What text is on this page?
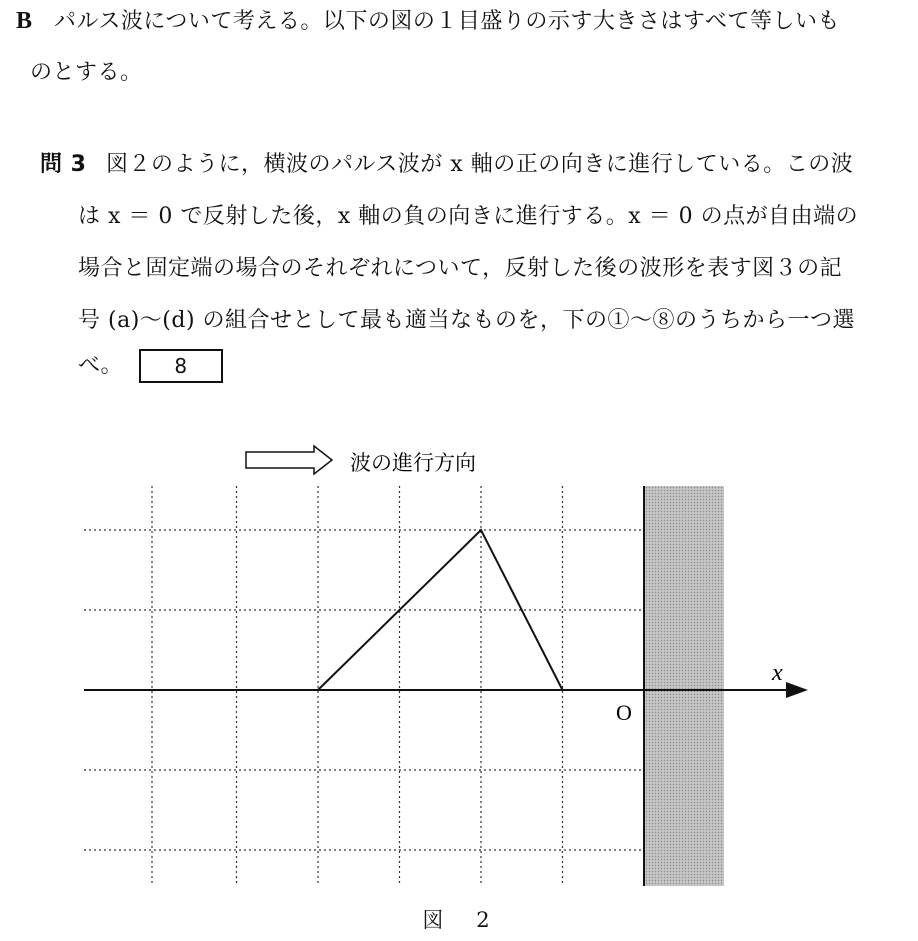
B パルス波について考える。以下の図の１目盛りの示す大きさはすべて等しいも
のとする。
問 3 図２のように，横波のパルス波が x 軸の正の向きに進行している。この波
は x ＝ 0 で反射した後，x 軸の負の向きに進行する。x ＝ 0 の点が自由端の
場合と固定端の場合のそれぞれについて，反射した後の波形を表す図３の記
号 (a)〜(d) の組合せとして最も適当なものを，下の①〜⑧のうちから一つ選
べ。	8
x
O
波の進行方向
図　2
